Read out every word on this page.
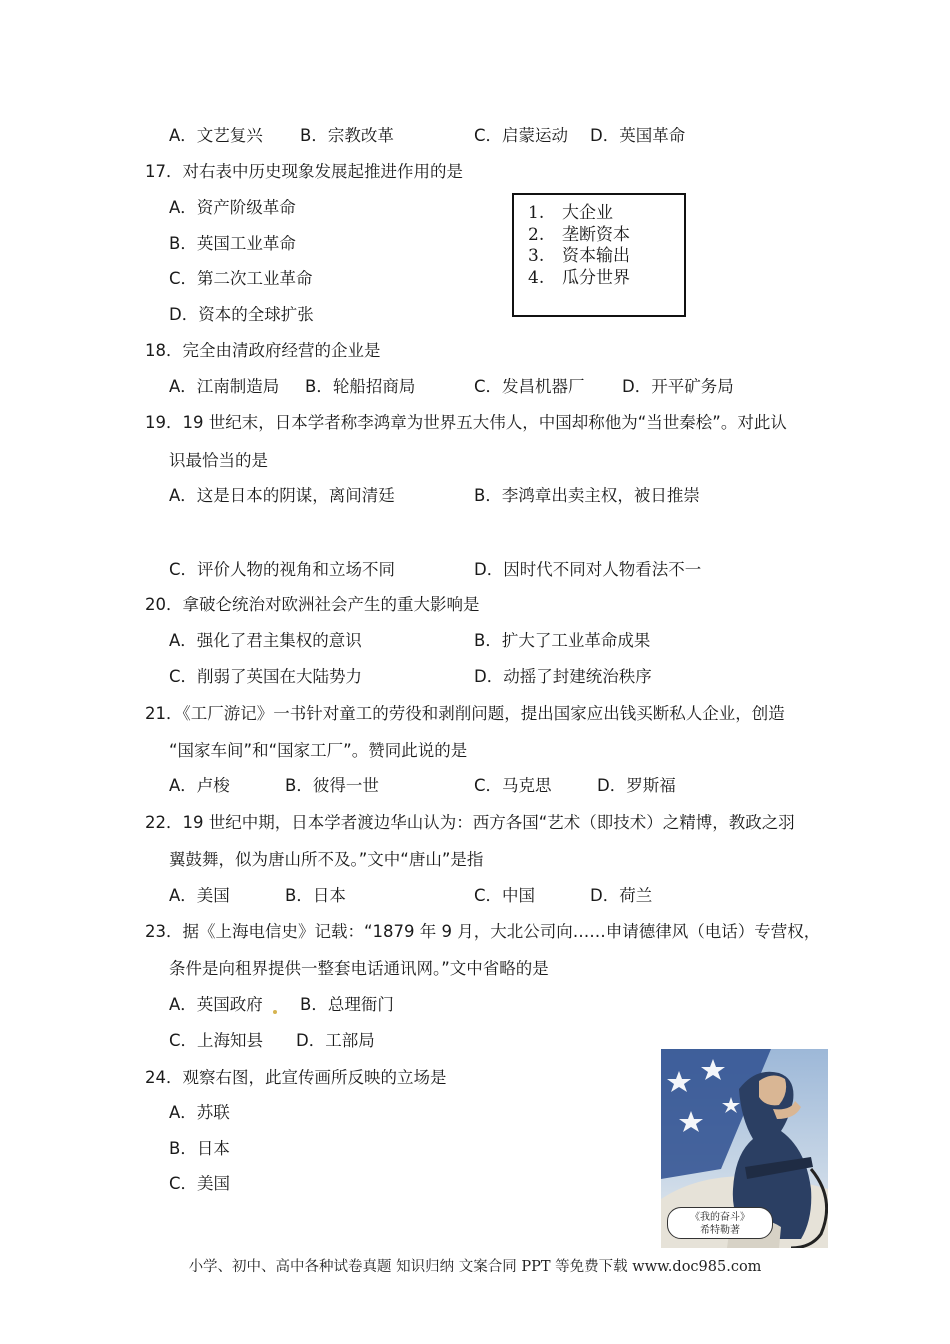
A．文艺复兴 B．宗教改革	C．启蒙运动 D．英国革命
17．对右表中历史现象发展起推进作用的是
A．资产阶级革命
B．英国工业革命
C．第二次工业革命
D．资本的全球扩张
1.	大企业
2.	垄断资本
3.	资本输出
4.	瓜分世界
18．完全由清政府经营的企业是
A．江南制造局 B．轮船招商局	C．发昌机器厂 D．开平矿务局
19．19 世纪末，日本学者称李鸿章为世界五大伟人，中国却称他为“当世秦桧”。对此认
识最恰当的是
A．这是日本的阴谋，离间清廷	B．李鸿章出卖主权，被日推崇
C．评价人物的视角和立场不同	D．因时代不同对人物看法不一
20．拿破仑统治对欧洲社会产生的重大影响是
A．强化了君主集权的意识	B．扩大了工业革命成果
C．削弱了英国在大陆势力	D．动摇了封建统治秩序
21．《工厂游记》一书针对童工的劳役和剥削问题，提出国家应出钱买断私人企业，创造
“国家车间”和“国家工厂”。赞同此说的是
A．卢梭	B．彼得一世	C．马克思	D．罗斯福
22．19 世纪中期，日本学者渡边华山认为：西方各国“艺术（即技术）之精博，教政之羽
翼鼓舞，似为唐山所不及。”文中“唐山”是指
A．美国	B．日本	C．中国	D．荷兰
23．据《上海电信史》记载：“1879 年 9 月，大北公司向……申请德律风（电话）专营权，
条件是向租界提供一整套电话通讯网。”文中省略的是
A．英国政府 B．总理衙门
C．上海知县 D．工部局
24．观察右图，此宣传画所反映的立场是
A．苏联
B．日本
C．美国
《我的奋斗》
希特勒著
小学、初中、高中各种试卷真题 知识归纳 文案合同 PPT 等免费下载 www.doc985.com
